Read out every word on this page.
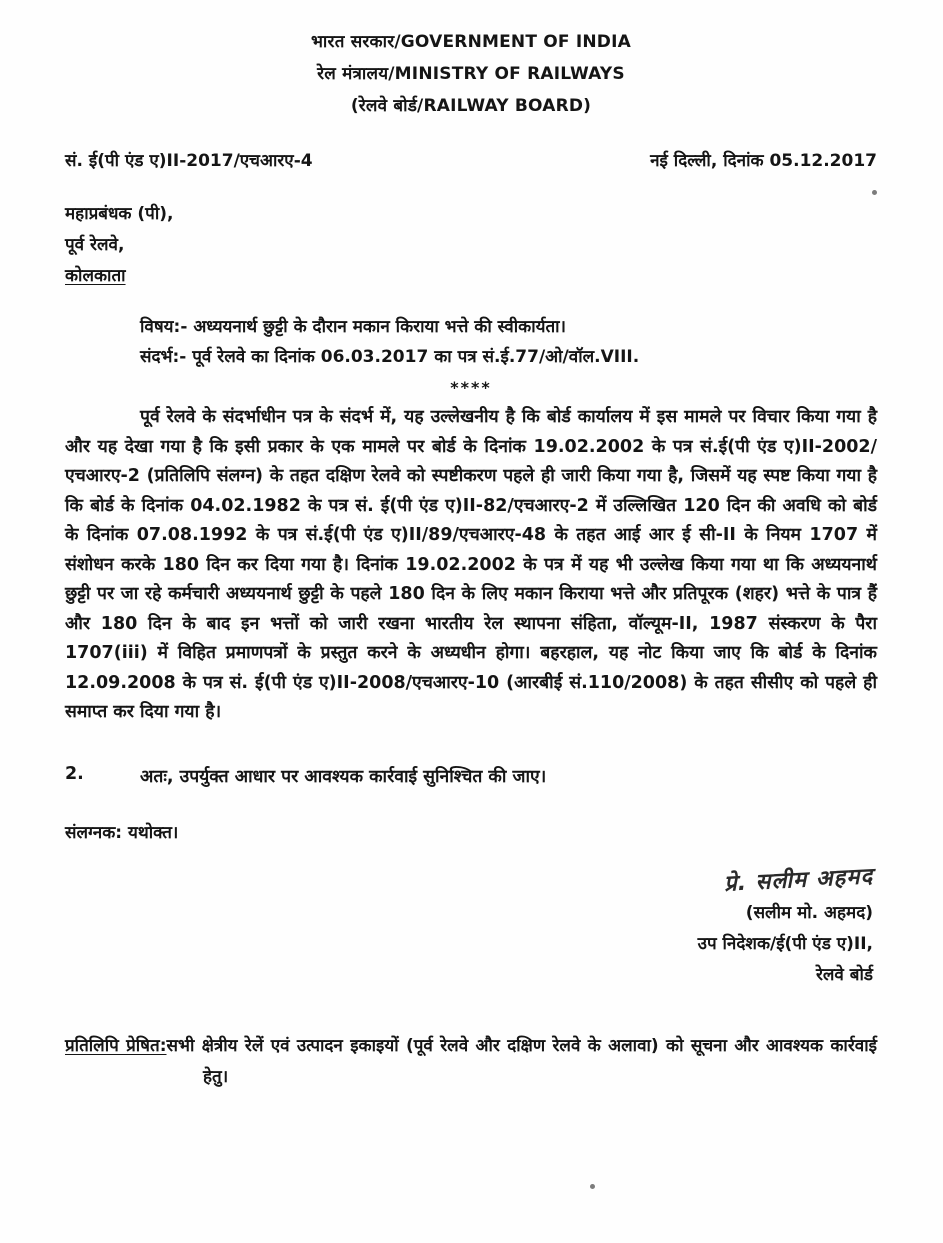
भारत सरकार/GOVERNMENT OF INDIA
रेल मंत्रालय/MINISTRY OF RAILWAYS
(रेलवे बोर्ड/RAILWAY BOARD)
सं. ई(पी एंड ए)II-2017/एचआरए-4	नई दिल्ली, दिनांक 05.12.2017
महाप्रबंधक (पी),
पूर्व रेलवे,
कोलकाता
विषय:- अध्ययनार्थ छुट्टी के दौरान मकान किराया भत्ते की स्वीकार्यता।
संदर्भ:- पूर्व रेलवे का दिनांक 06.03.2017 का पत्र सं.ई.77/ओ/वॉल.VIII.
****

पूर्व रेलवे के संदर्भाधीन पत्र के संदर्भ में, यह उल्लेखनीय है कि बोर्ड कार्यालय में इस मामले पर विचार किया गया है और यह देखा गया है कि इसी प्रकार के एक मामले पर बोर्ड के दिनांक 19.02.2002 के पत्र सं.ई(पी एंड ए)II-2002/एचआरए-2 (प्रतिलिपि संलग्न) के तहत दक्षिण रेलवे को स्पष्टीकरण पहले ही जारी किया गया है, जिसमें यह स्पष्ट किया गया है कि बोर्ड के दिनांक 04.02.1982 के पत्र सं. ई(पी एंड ए)II-82/एचआरए-2 में उल्लिखित 120 दिन की अवधि को बोर्ड के दिनांक 07.08.1992 के पत्र सं.ई(पी एंड ए)II/89/एचआरए-48 के तहत आई आर ई सी-II के नियम 1707 में संशोधन करके 180 दिन कर दिया गया है। दिनांक 19.02.2002 के पत्र में यह भी उल्लेख किया गया था कि अध्ययनार्थ छुट्टी पर जा रहे कर्मचारी अध्ययनार्थ छुट्टी के पहले 180 दिन के लिए मकान किराया भत्ते और प्रतिपूरक (शहर) भत्ते के पात्र हैं और 180 दिन के बाद इन भत्तों को जारी रखना भारतीय रेल स्थापना संहिता, वॉल्यूम-II, 1987 संस्करण के पैरा 1707(iii) में विहित प्रमाणपत्रों के प्रस्तुत करने के अध्यधीन होगा। बहरहाल, यह नोट किया जाए कि बोर्ड के दिनांक 12.09.2008 के पत्र सं. ई(पी एंड ए)II-2008/एचआरए-10 (आरबीई सं.110/2008) के तहत सीसीए को पहले ही समाप्त कर दिया गया है।

2.	अतः, उपर्युक्त आधार पर आवश्यक कार्रवाई सुनिश्चित की जाए।
संलग्नक: यथोक्त।
प्रे. सलीम अहमद
(सलीम मो. अहमद)
उप निदेशक/ई(पी एंड ए)II,
रेलवे बोर्ड
प्रतिलिपि प्रेषित:सभी क्षेत्रीय रेलें एवं उत्पादन इकाइयों (पूर्व रेलवे और दक्षिण रेलवे के अलावा) को सूचना और आवश्यक कार्रवाई हेतु।
